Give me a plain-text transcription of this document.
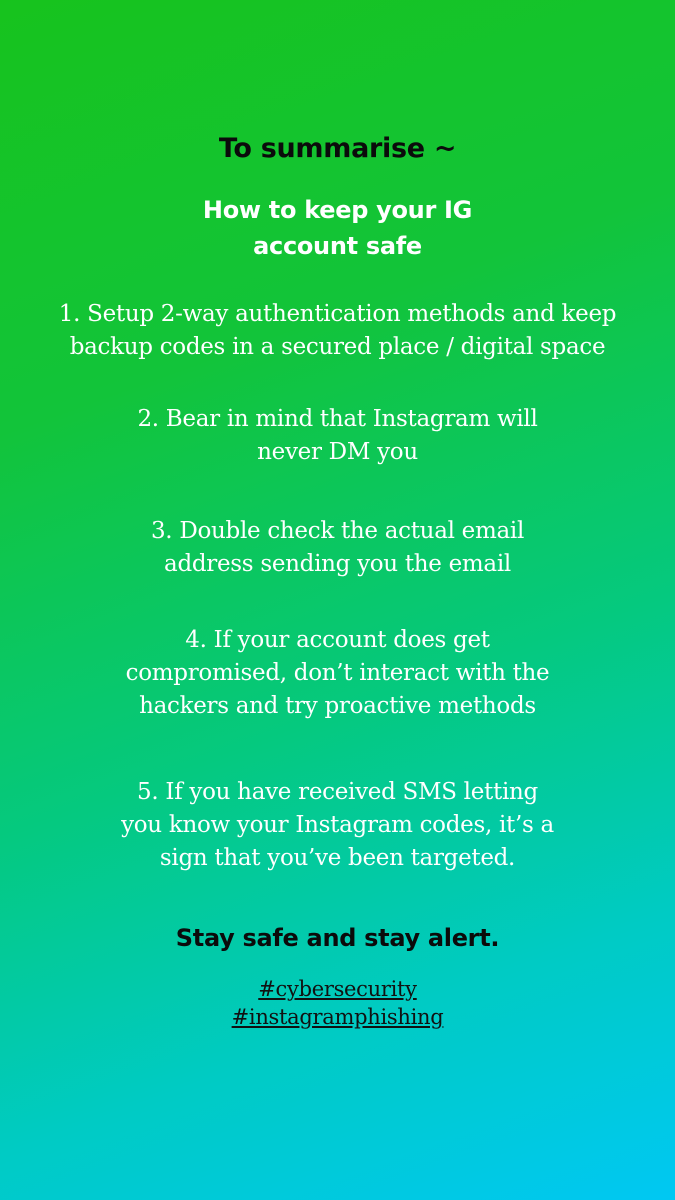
To summarise ~

How to keep your IG
account safe

1. Setup 2-way authentication methods and keep
backup codes in a secured place / digital space

2. Bear in mind that Instagram will
never DM you

3. Double check the actual email
address sending you the email

4. If your account does get
compromised, don’t interact with the
hackers and try proactive methods

5. If you have received SMS letting
you know your Instagram codes, it’s a
sign that you’ve been targeted.

Stay safe and stay alert.

#cybersecurity
#instagramphishing
